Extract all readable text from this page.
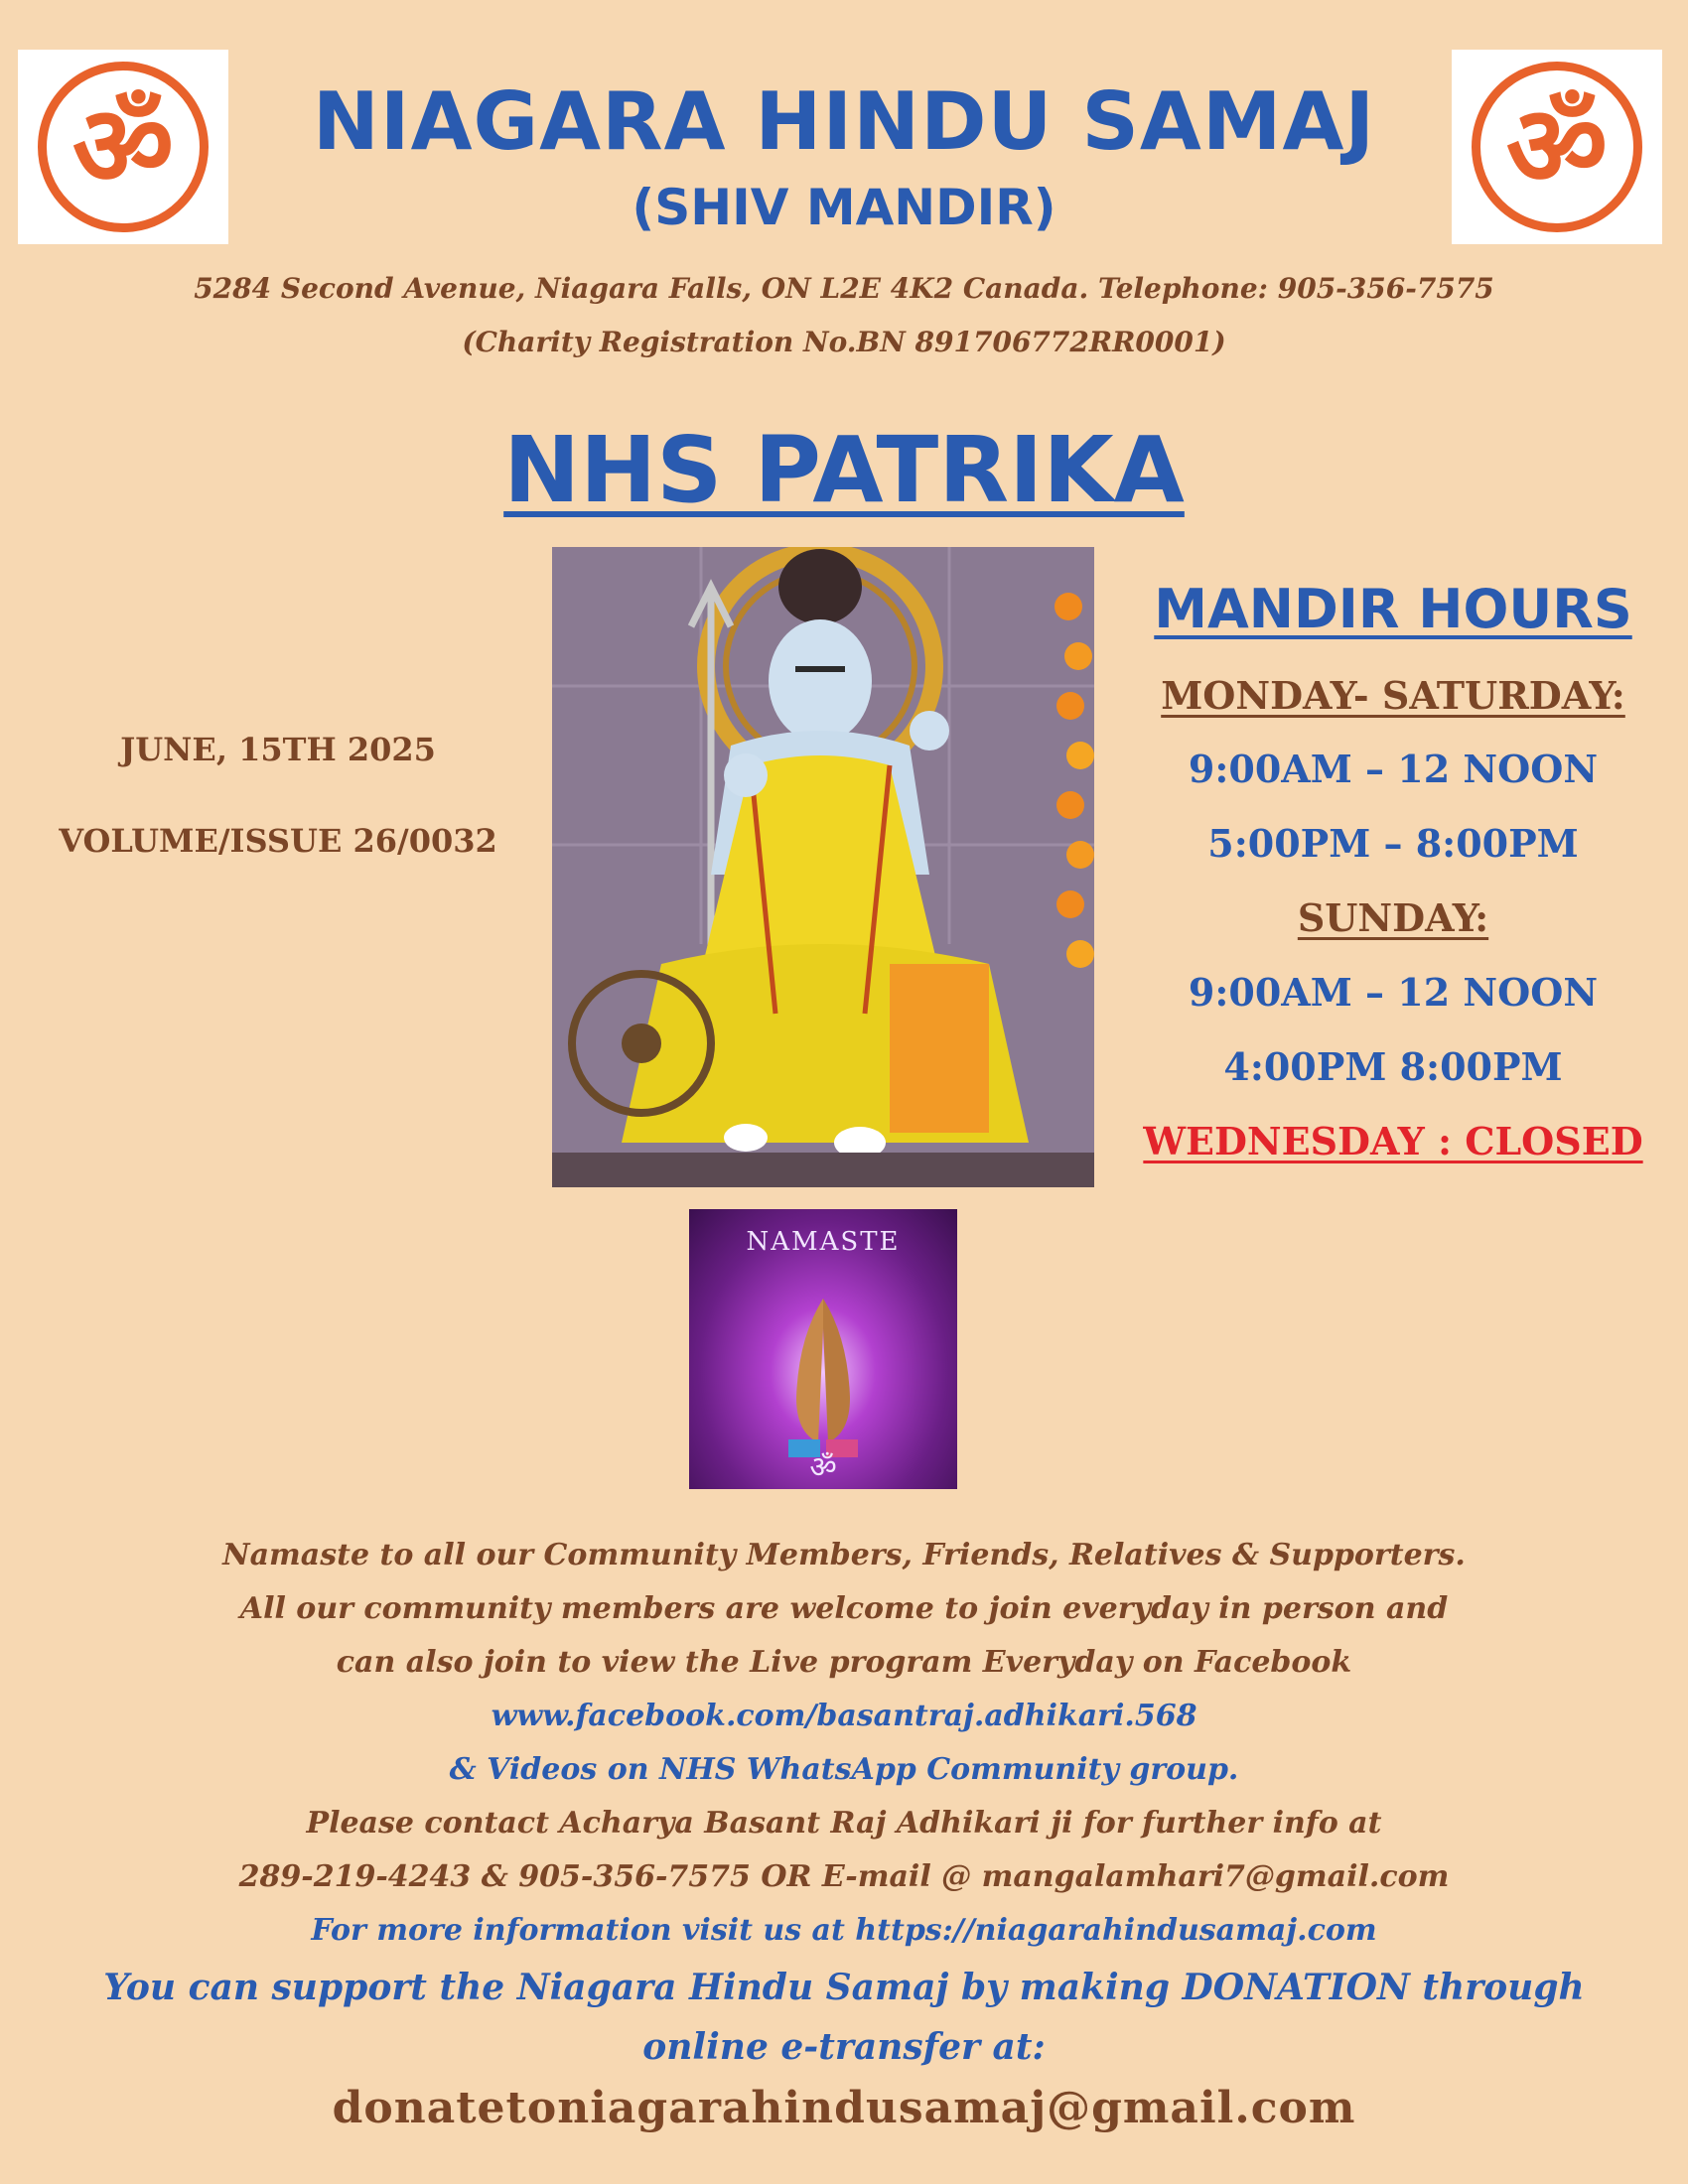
ॐ	ॐ
NIAGARA HINDU SAMAJ
(SHIV MANDIR)
5284 Second Avenue, Niagara Falls, ON L2E 4K2 Canada. Telephone: 905-356-7575
(Charity Registration No.BN 891706772RR0001)
NHS PATRIKA
JUNE, 15TH 2025
VOLUME/ISSUE 26/0032
NAMASTE
ॐ
MANDIR HOURS
MONDAY- SATURDAY:
9:00AM – 12 NOON
5:00PM – 8:00PM
SUNDAY:
9:00AM – 12 NOON
4:00PM 8:00PM
WEDNESDAY : CLOSED
Namaste to all our Community Members, Friends, Relatives & Supporters.
All our community members are welcome to join everyday in person and
can also join to view the Live program Everyday on Facebook
www.facebook.com/basantraj.adhikari.568
& Videos on NHS WhatsApp Community group.
Please contact Acharya Basant Raj Adhikari ji for further info at
289-219-4243 & 905-356-7575 OR E-mail @ mangalamhari7@gmail.com
For more information visit us at https://niagarahindusamaj.com
You can support the Niagara Hindu Samaj by making DONATION through
online e-transfer at:
donatetoniagarahindusamaj@gmail.com
